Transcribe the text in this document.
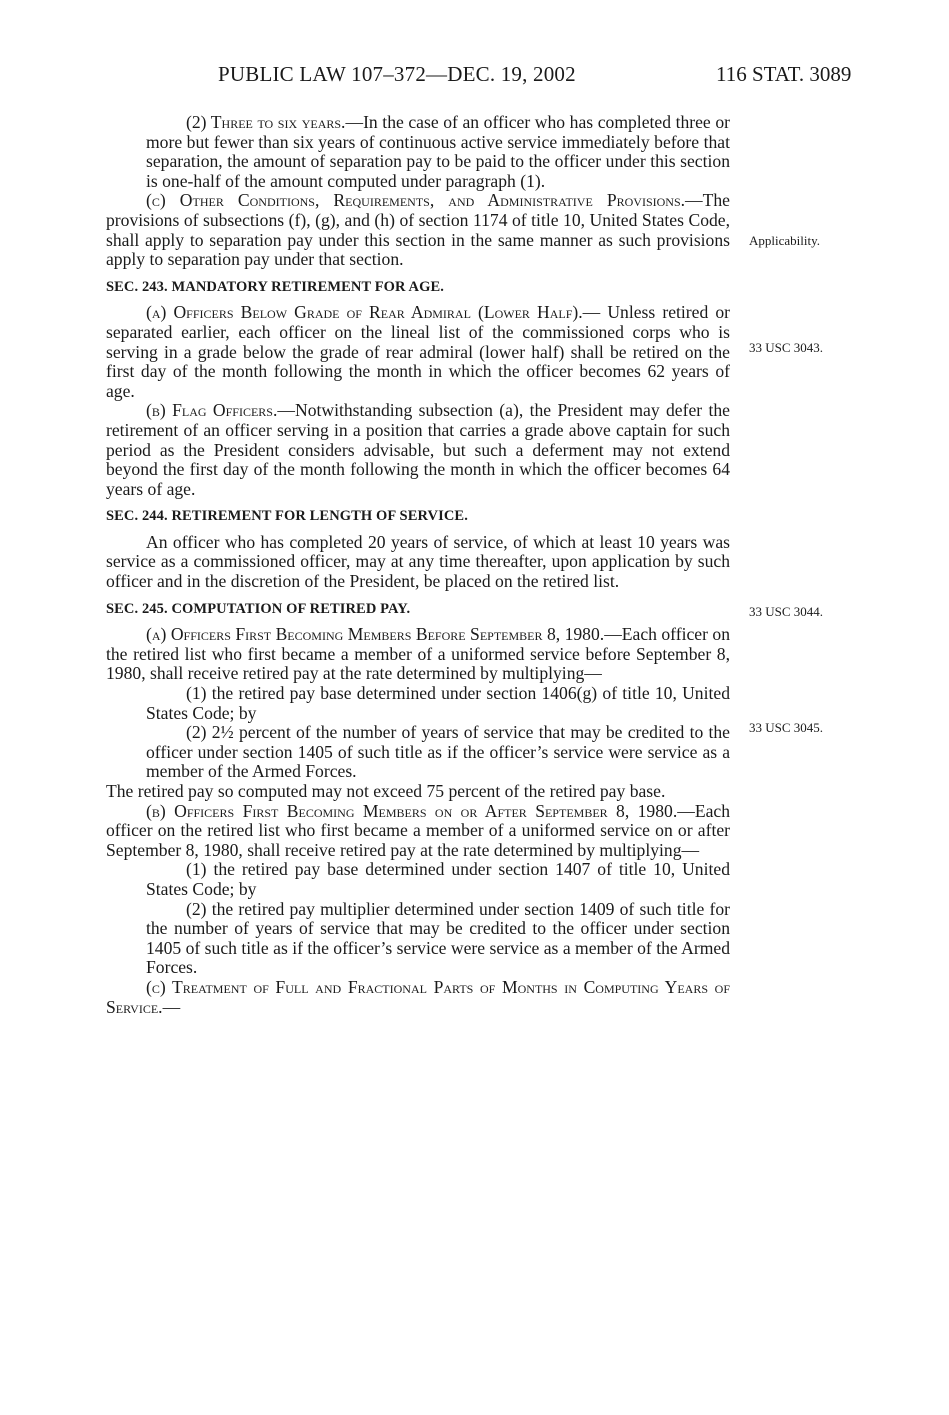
PUBLIC LAW 107–372—DEC. 19, 2002	116 STAT. 3089
Applicability.
33 USC 3043.
33 USC 3044.
33 USC 3045.

(2) Three to six years.—In the case of an officer who has completed three or more but fewer than six years of continuous active service immediately before that separation, the amount of separation pay to be paid to the officer under this section is one-half of the amount computed under paragraph (1).

(c) Other Conditions, Requirements, and Administrative Provisions.—The provisions of subsections (f), (g), and (h) of section 1174 of title 10, United States Code, shall apply to separation pay under this section in the same manner as such provisions apply to separation pay under that section.

SEC. 243. MANDATORY RETIREMENT FOR AGE.

(a) Officers Below Grade of Rear Admiral (Lower Half).— Unless retired or separated earlier, each officer on the lineal list of the commissioned corps who is serving in a grade below the grade of rear admiral (lower half) shall be retired on the first day of the month following the month in which the officer becomes 62 years of age.

(b) Flag Officers.—Notwithstanding subsection (a), the President may defer the retirement of an officer serving in a position that carries a grade above captain for such period as the President considers advisable, but such a deferment may not extend beyond the first day of the month following the month in which the officer becomes 64 years of age.

SEC. 244. RETIREMENT FOR LENGTH OF SERVICE.

An officer who has completed 20 years of service, of which at least 10 years was service as a commissioned officer, may at any time thereafter, upon application by such officer and in the discretion of the President, be placed on the retired list.

SEC. 245. COMPUTATION OF RETIRED PAY.

(a) Officers First Becoming Members Before September 8, 1980.—Each officer on the retired list who first became a member of a uniformed service before September 8, 1980, shall receive retired pay at the rate determined by multiplying—

(1) the retired pay base determined under section 1406(g) of title 10, United States Code; by

(2) 2½ percent of the number of years of service that may be credited to the officer under section 1405 of such title as if the officer’s service were service as a member of the Armed Forces.

The retired pay so computed may not exceed 75 percent of the retired pay base.

(b) Officers First Becoming Members on or After September 8, 1980.—Each officer on the retired list who first became a member of a uniformed service on or after September 8, 1980, shall receive retired pay at the rate determined by multiplying—

(1) the retired pay base determined under section 1407 of title 10, United States Code; by

(2) the retired pay multiplier determined under section 1409 of such title for the number of years of service that may be credited to the officer under section 1405 of such title as if the officer’s service were service as a member of the Armed Forces.

(c) Treatment of Full and Fractional Parts of Months in Computing Years of Service.—
